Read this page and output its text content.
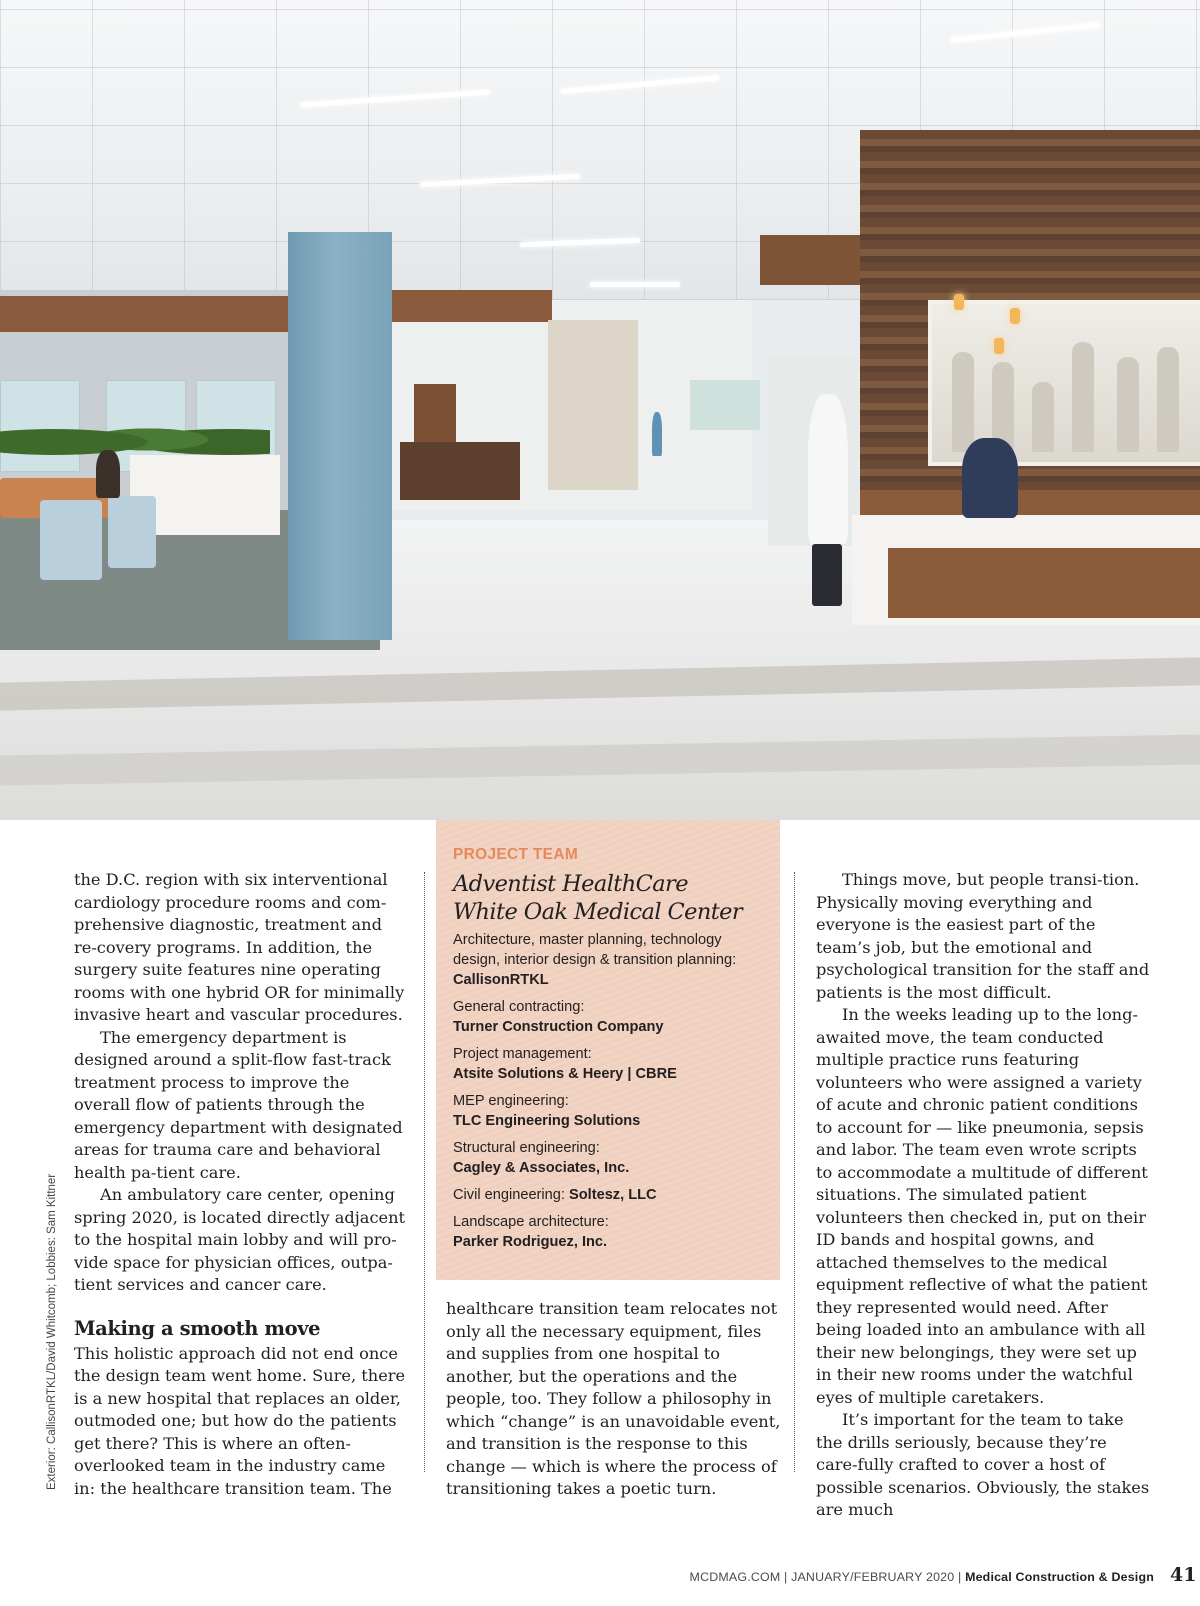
Exterior: CallisonRTKL/David Whitcomb; Lobbies: Sam Kittner

the D.C. region with six interventional cardiology procedure rooms and com-prehensive diagnostic, treatment and re-covery programs. In addition, the surgery suite features nine operating rooms with one hybrid OR for minimally invasive heart and vascular procedures.

The emergency department is designed around a split-flow fast-track treatment process to improve the overall flow of patients through the emergency department with designated areas for trauma care and behavioral health pa-tient care.

An ambulatory care center, opening spring 2020, is located directly adjacent to the hospital main lobby and will pro-vide space for physician offices, outpa-tient services and cancer care.

Making a smooth move

This holistic approach did not end once the design team went home. Sure, there is a new hospital that replaces an older, outmoded one; but how do the patients get there? This is where an often-overlooked team in the industry came in: the healthcare transition team. The

PROJECT TEAM
Adventist HealthCare
White Oak Medical Center
Architecture, master planning, technology design, interior design & transition planning: CallisonRTKL
General contracting:
Turner Construction Company
Project management:
Atsite Solutions & Heery | CBRE
MEP engineering:
TLC Engineering Solutions
Structural engineering:
Cagley & Associates, Inc.
Civil engineering: Soltesz, LLC
Landscape architecture:
Parker Rodriguez, Inc.

healthcare transition team relocates not only all the necessary equipment, files and supplies from one hospital to another, but the operations and the people, too. They follow a philosophy in which “change” is an unavoidable event, and transition is the response to this change — which is where the process of transitioning takes a poetic turn.

Things move, but people transi-tion. Physically moving everything and everyone is the easiest part of the team’s job, but the emotional and psychological transition for the staff and patients is the most difficult.

In the weeks leading up to the long-awaited move, the team conducted multiple practice runs featuring volunteers who were assigned a variety of acute and chronic patient conditions to account for — like pneumonia, sepsis and labor. The team even wrote scripts to accommodate a multitude of different situations. The simulated patient volunteers then checked in, put on their ID bands and hospital gowns, and attached themselves to the medical equipment reflective of what the patient they represented would need. After being loaded into an ambulance with all their new belongings, they were set up in their new rooms under the watchful eyes of multiple caretakers.

It’s important for the team to take the drills seriously, because they’re care-fully crafted to cover a host of possible scenarios. Obviously, the stakes are much

MCDMAG.COM | JANUARY/FEBRUARY 2020 | Medical Construction & Design 41
